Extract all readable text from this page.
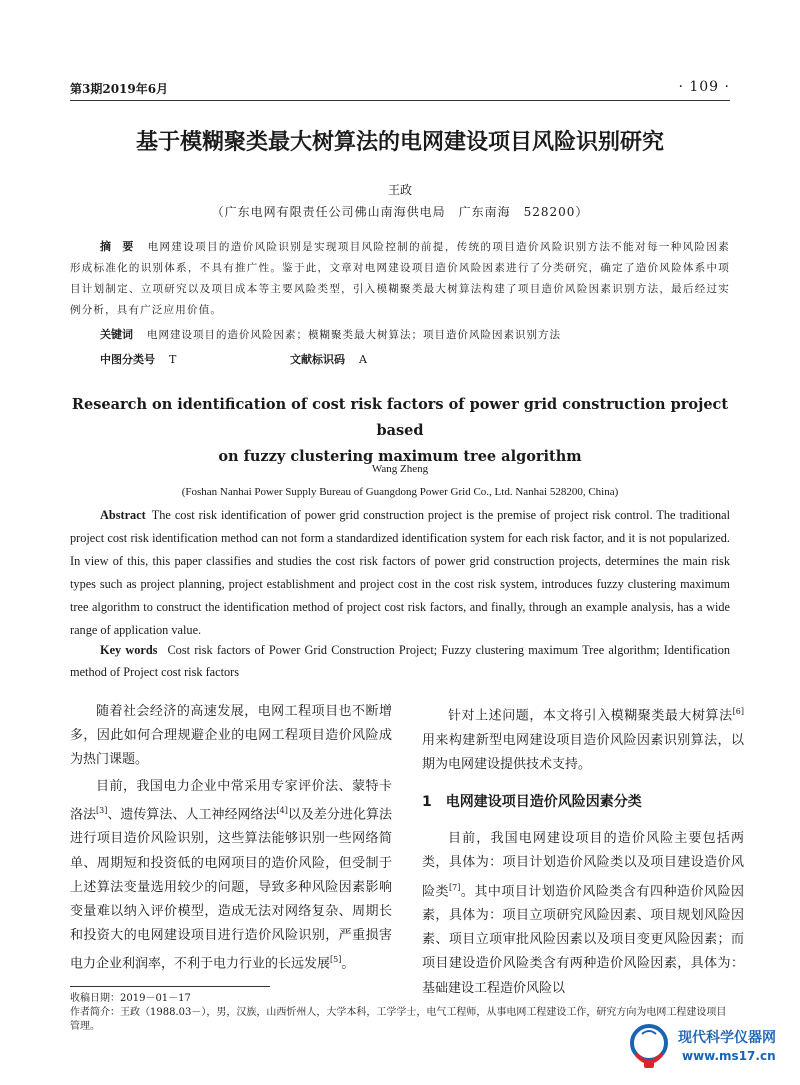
第3期2019年6月	· 109 ·
基于模糊聚类最大树算法的电网建设项目风险识别研究
王政
（广东电网有限责任公司佛山南海供电局　广东南海　528200）
摘　要 电网建设项目的造价风险识别是实现项目风险控制的前提，传统的项目造价风险识别方法不能对每一种风险因素形成标准化的识别体系，不具有推广性。鉴于此，文章对电网建设项目造价风险因素进行了分类研究，确定了造价风险体系中项目计划制定、立项研究以及项目成本等主要风险类型，引入模糊聚类最大树算法构建了项目造价风险因素识别方法，最后经过实例分析，具有广泛应用价值。
关键词 电网建设项目的造价风险因素；模糊聚类最大树算法；项目造价风险因素识别方法
中图分类号 T	文献标识码 A
Research on identification of cost risk factors of power grid construction project based
on fuzzy clustering maximum tree algorithm
Wang Zheng
(Foshan Nanhai Power Supply Bureau of Guangdong Power Grid Co., Ltd. Nanhai 528200, China)
Abstract The cost risk identification of power grid construction project is the premise of project risk control. The traditional project cost risk identification method can not form a standardized identification system for each risk factor, and it is not popularized. In view of this, this paper classifies and studies the cost risk factors of power grid construction projects, determines the main risk types such as project planning, project establishment and project cost in the cost risk system, introduces fuzzy clustering maximum tree algorithm to construct the identification method of project cost risk factors, and finally, through an example analysis, has a wide range of application value.
Key words Cost risk factors of Power Grid Construction Project; Fuzzy clustering maximum Tree algorithm; Identification method of Project cost risk factors

随着社会经济的高速发展，电网工程项目也不断增多，因此如何合理规避企业的电网工程项目造价风险成为热门课题。

目前，我国电力企业中常采用专家评价法、蒙特卡洛法[3]、遗传算法、人工神经网络法[4]以及差分进化算法进行项目造价风险识别，这些算法能够识别一些网络简单、周期短和投资低的电网项目的造价风险，但受制于上述算法变量选用较少的问题，导致多种风险因素影响变量难以纳入评价模型，造成无法对网络复杂、周期长和投资大的电网建设项目进行造价风险识别，严重损害电力企业利润率，不利于电力行业的长远发展[5]。

针对上述问题，本文将引入模糊聚类最大树算法[6]用来构建新型电网建设项目造价风险因素识别算法，以期为电网建设提供技术支持。

1　电网建设项目造价风险因素分类

目前，我国电网建设项目的造价风险主要包括两类，具体为：项目计划造价风险类以及项目建设造价风险类[7]。其中项目计划造价风险类含有四种造价风险因素，具体为：项目立项研究风险因素、项目规划风险因素、项目立项审批风险因素以及项目变更风险因素；而项目建设造价风险类含有两种造价风险因素，具体为：基础建设工程造价风险以

收稿日期：2019－01－17
作者简介：王政（1988.03－），男，汉族，山西忻州人，大学本科，工学学士，电气工程师，从事电网工程建设工作，研究方向为电网工程建设项目管理。
现代科学仪器网
www.ms17.cn
